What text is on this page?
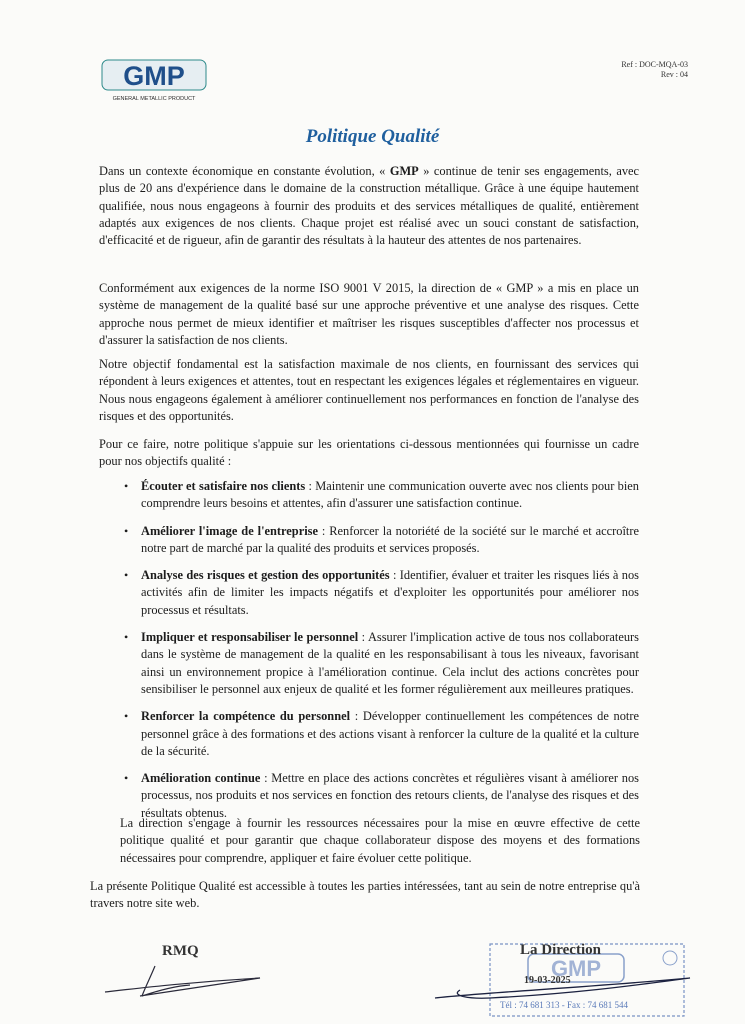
GMP
GENERAL METALLIC PRODUCT
Ref : DOC-MQA-03
Rev : 04
Politique Qualité

Dans un contexte économique en constante évolution, « GMP » continue de tenir ses engagements, avec plus de 20 ans d'expérience dans le domaine de la construction métallique. Grâce à une équipe hautement qualifiée, nous nous engageons à fournir des produits et des services métalliques de qualité, entièrement adaptés aux exigences de nos clients. Chaque projet est réalisé avec un souci constant de satisfaction, d'efficacité et de rigueur, afin de garantir des résultats à la hauteur des attentes de nos partenaires.

Conformément aux exigences de la norme ISO 9001 V 2015, la direction de « GMP » a mis en place un système de management de la qualité basé sur une approche préventive et une analyse des risques. Cette approche nous permet de mieux identifier et maîtriser les risques susceptibles d'affecter nos processus et d'assurer la satisfaction de nos clients.

Notre objectif fondamental est la satisfaction maximale de nos clients, en fournissant des services qui répondent à leurs exigences et attentes, tout en respectant les exigences légales et réglementaires en vigueur. Nous nous engageons également à améliorer continuellement nos performances en fonction de l'analyse des risques et des opportunités.

Pour ce faire, notre politique s'appuie sur les orientations ci-dessous mentionnées qui fournisse un cadre pour nos objectifs qualité :

• Écouter et satisfaire nos clients : Maintenir une communication ouverte avec nos clients pour bien comprendre leurs besoins et attentes, afin d'assurer une satisfaction continue.
• Améliorer l'image de l'entreprise : Renforcer la notoriété de la société sur le marché et accroître notre part de marché par la qualité des produits et services proposés.
• Analyse des risques et gestion des opportunités : Identifier, évaluer et traiter les risques liés à nos activités afin de limiter les impacts négatifs et d'exploiter les opportunités pour améliorer nos processus et résultats.
• Impliquer et responsabiliser le personnel : Assurer l'implication active de tous nos collaborateurs dans le système de management de la qualité en les responsabilisant à tous les niveaux, favorisant ainsi un environnement propice à l'amélioration continue. Cela inclut des actions concrètes pour sensibiliser le personnel aux enjeux de qualité et les former régulièrement aux meilleures pratiques.
• Renforcer la compétence du personnel : Développer continuellement les compétences de notre personnel grâce à des formations et des actions visant à renforcer la culture de la qualité et la culture de la sécurité.
• Amélioration continue : Mettre en place des actions concrètes et régulières visant à améliorer nos processus, nos produits et nos services en fonction des retours clients, de l'analyse des risques et des résultats obtenus.

La direction s'engage à fournir les ressources nécessaires pour la mise en œuvre effective de cette politique qualité et pour garantir que chaque collaborateur dispose des moyens et des formations nécessaires pour comprendre, appliquer et faire évoluer cette politique.

La présente Politique Qualité est accessible à toutes les parties intéressées, tant au sein de notre entreprise qu'à travers notre site web.

RMQ
GMP
La Direction
19-03-2025
Tél : 74 681 313 - Fax : 74 681 544
